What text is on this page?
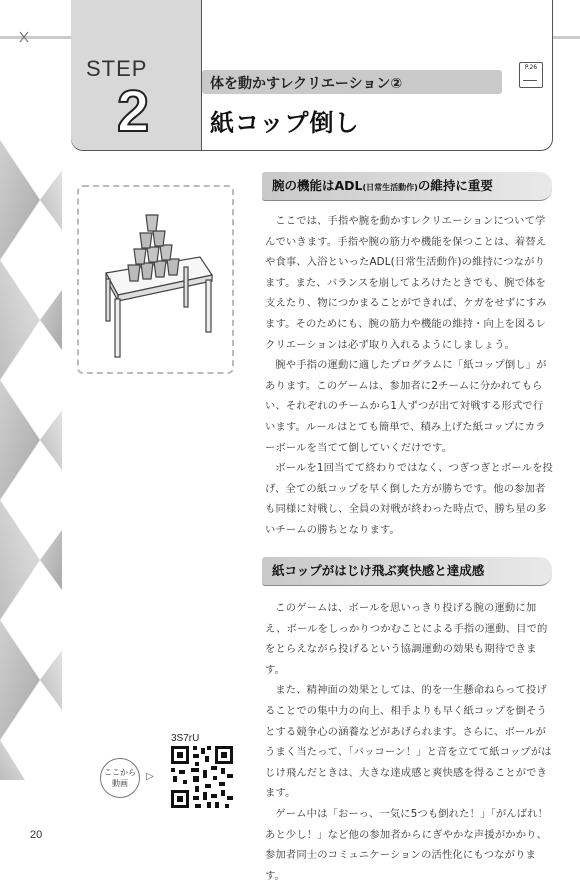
STEP
2	体を動かすレクリエーション②
紙コップ倒し
P.26
腕の機能はADL(日常生活動作)の維持に重要

ここでは、手指や腕を動かすレクリエーションについて学んでいきます。手指や腕の筋力や機能を保つことは、着替えや食事、入浴といったADL(日常生活動作)の維持につながります。また、バランスを崩してよろけたときでも、腕で体を支えたり、物につかまることができれば、ケガをせずにすみます。そのためにも、腕の筋力や機能の維持・向上を図るレクリエーションは必ず取り入れるようにしましょう。

腕や手指の運動に適したプログラムに「紙コップ倒し」があります。このゲームは、参加者に2チームに分かれてもらい、それぞれのチームから1人ずつが出て対戦する形式で行います。ルールはとても簡単で、積み上げた紙コップにカラーボールを当てて倒していくだけです。

ボールを1回当てて終わりではなく、つぎつぎとボールを投げ、全ての紙コップを早く倒した方が勝ちです。他の参加者も同様に対戦し、全員の対戦が終わった時点で、勝ち星の多いチームの勝ちとなります。

紙コップがはじけ飛ぶ爽快感と達成感

このゲームは、ボールを思いっきり投げる腕の運動に加え、ボールをしっかりつかむことによる手指の運動、目で的をとらえながら投げるという協調運動の効果も期待できます。

また、精神面の効果としては、的を一生懸命ねらって投げることでの集中力の向上、相手よりも早く紙コップを倒そうとする競争心の涵養などがあげられます。さらに、ボールがうまく当たって、「バッコーン！」と音を立てて紙コップがはじけ飛んだときは、大きな達成感と爽快感を得ることができます。

ゲーム中は「おーっ、一気に5つも倒れた！」「がんばれ！ あと少し！」など他の参加者からにぎやかな声援がかかり、参加者同士のコミュニケーションの活性化にもつながります。

ここから動画
▷
3S7rU
20
